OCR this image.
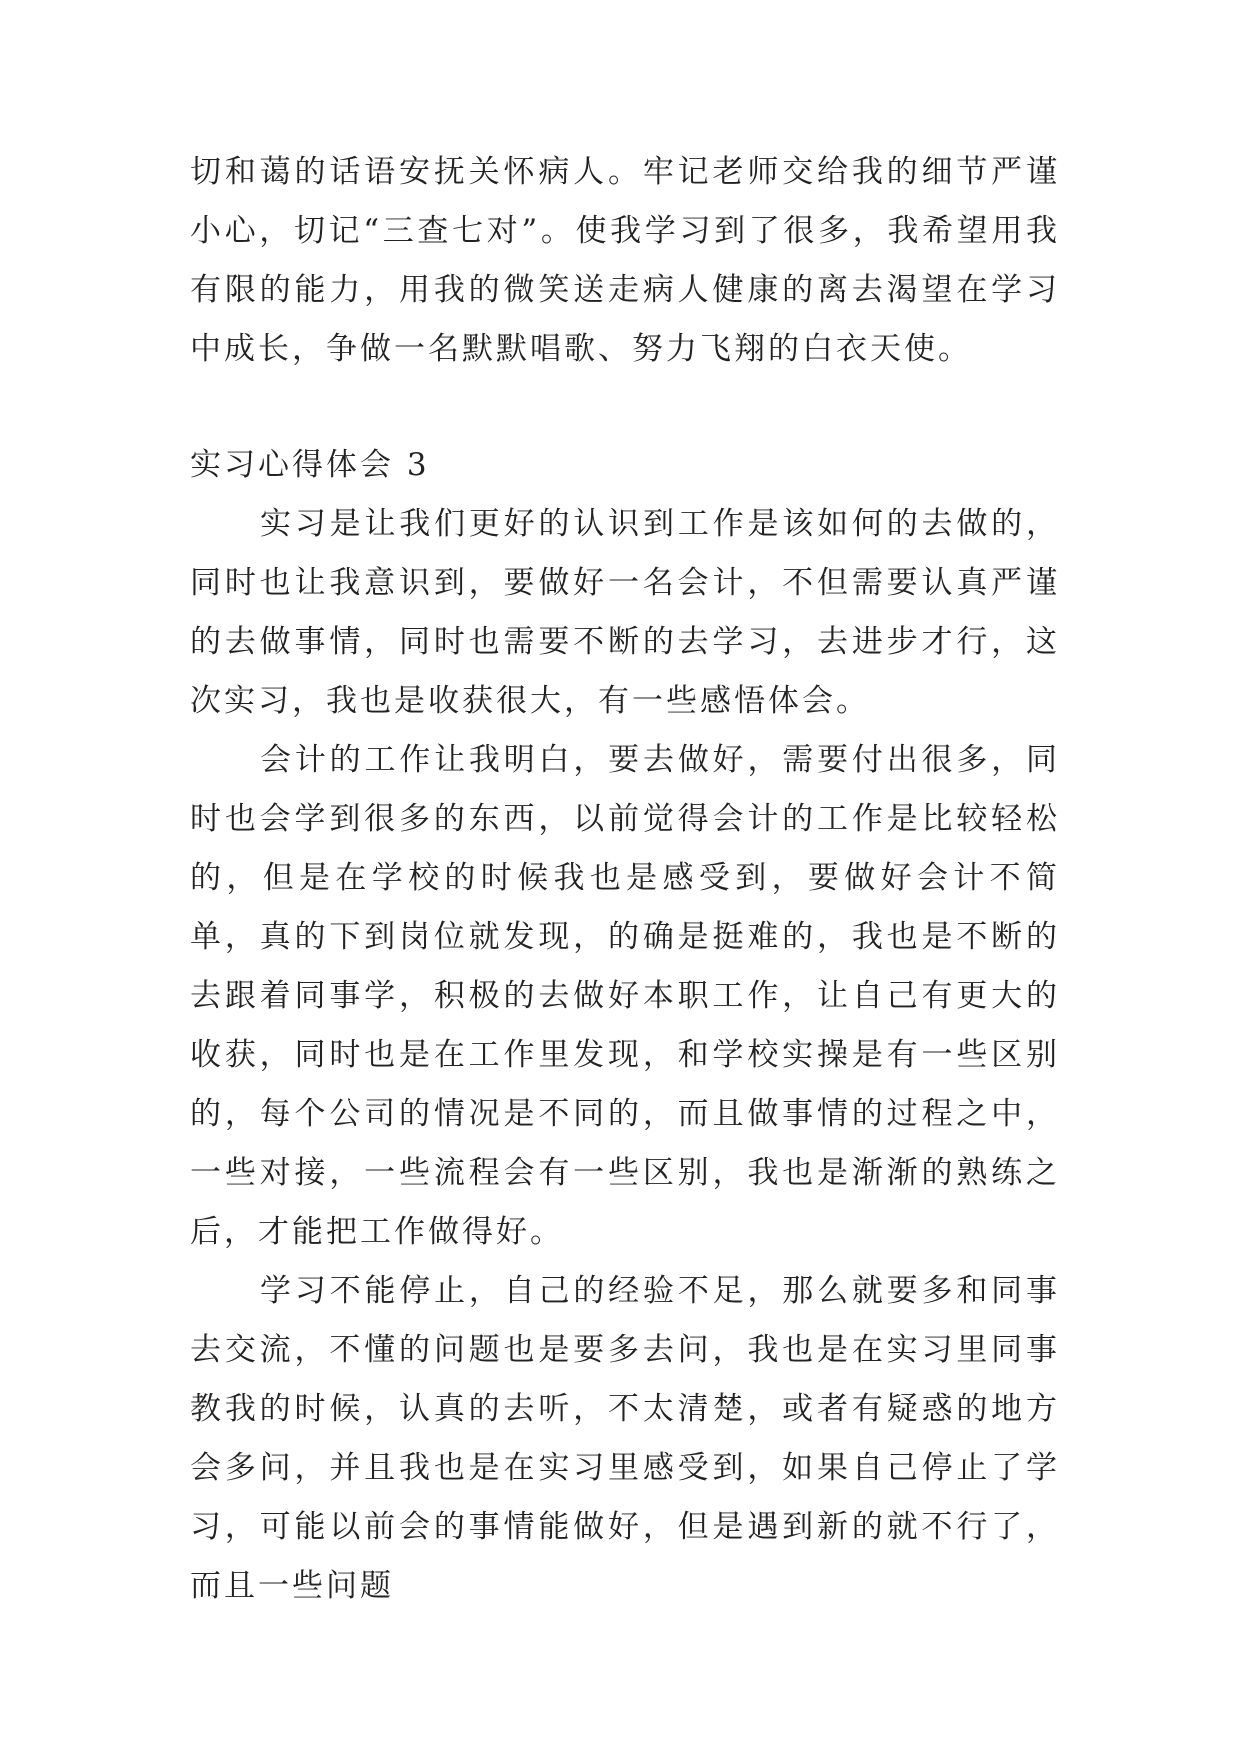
切和蔼的话语安抚关怀病人。牢记老师交给我的细节严谨小心，切记“三查七对”。使我学习到了很多，我希望用我有限的能力，用我的微笑送走病人健康的离去渴望在学习中成长，争做一名默默唱歌、努力飞翔的白衣天使。

实习心得体会 3

实习是让我们更好的认识到工作是该如何的去做的，同时也让我意识到，要做好一名会计，不但需要认真严谨的去做事情，同时也需要不断的去学习，去进步才行，这次实习，我也是收获很大，有一些感悟体会。

会计的工作让我明白，要去做好，需要付出很多，同时也会学到很多的东西，以前觉得会计的工作是比较轻松的，但是在学校的时候我也是感受到，要做好会计不简单，真的下到岗位就发现，的确是挺难的，我也是不断的去跟着同事学，积极的去做好本职工作，让自己有更大的收获，同时也是在工作里发现，和学校实操是有一些区别的，每个公司的情况是不同的，而且做事情的过程之中，一些对接，一些流程会有一些区别，我也是渐渐的熟练之后，才能把工作做得好。

学习不能停止，自己的经验不足，那么就要多和同事去交流，不懂的问题也是要多去问，我也是在实习里同事教我的时候，认真的去听，不太清楚，或者有疑惑的地方会多问，并且我也是在实习里感受到，如果自己停止了学习，可能以前会的事情能做好，但是遇到新的就不行了，而且一些问题
